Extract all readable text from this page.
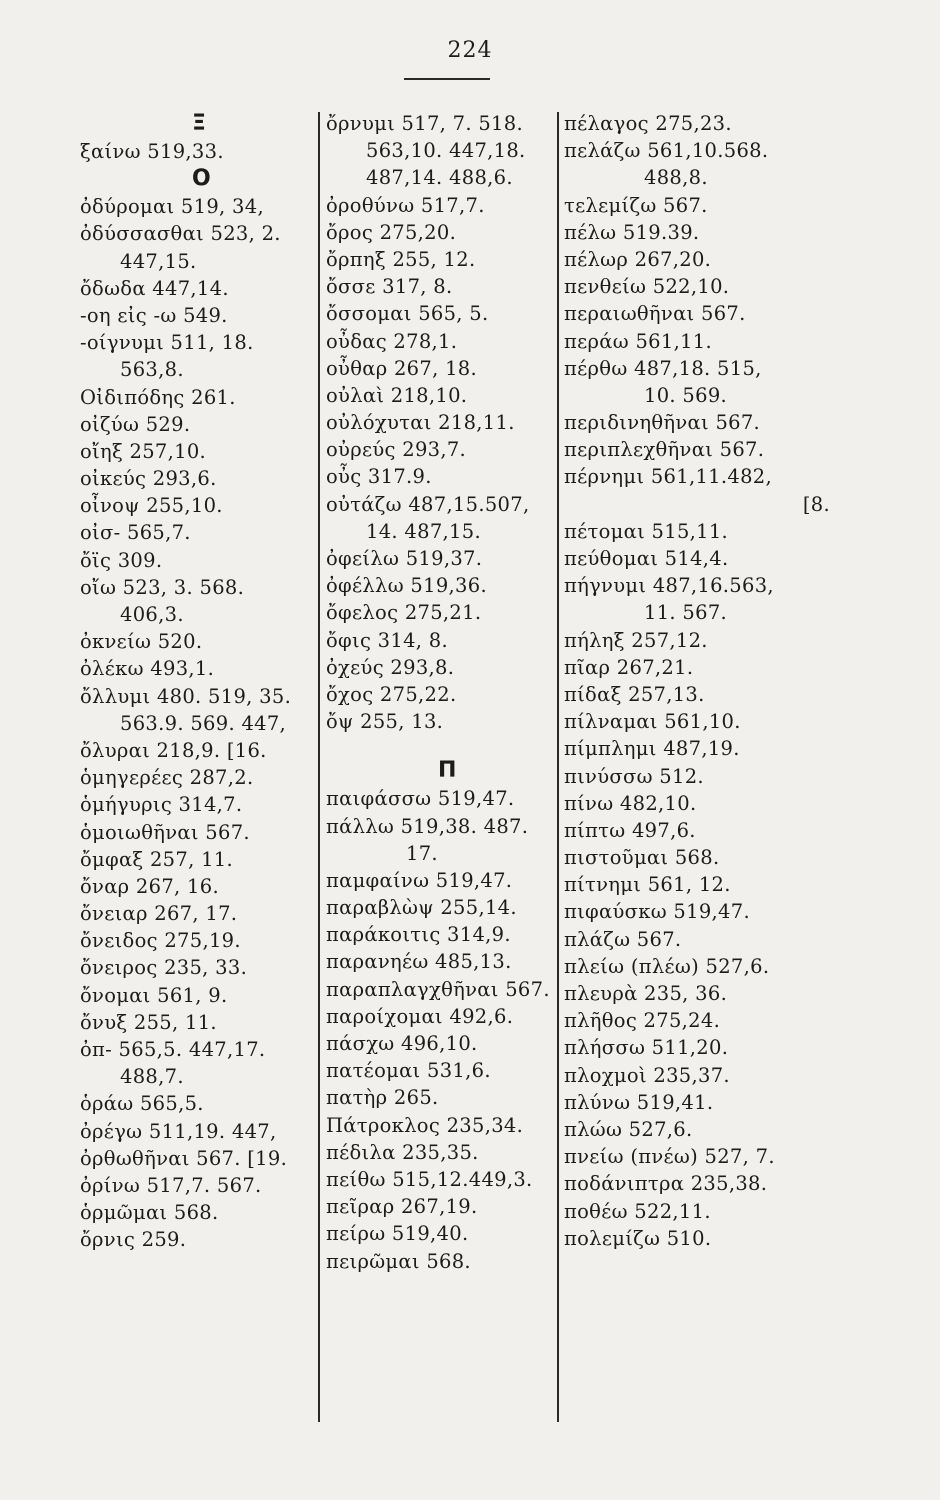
224
Ξ
ξαίνω 519,33.
Ο
ὀδύρομαι 519, 34,
ὀδύσσασθαι 523, 2.
447,15.
ὄδωδα 447,14.
-οη εἰς -ω 549.
-οίγνυμι 511, 18.
563,8.
Οἰδιπόδης 261.
οἰζύω 529.
οἴηξ 257,10.
οἰκεύς 293,6.
οἶνοψ 255,10.
οἰσ- 565,7.
ὄϊς 309.
οἴω 523, 3. 568.
406,3.
ὀκνείω 520.
ὀλέκω 493,1.
ὄλλυμι 480. 519, 35.
563.9. 569. 447,
ὄλυραι 218,9. [16.
ὁμηγερέες 287,2.
ὁμήγυρις 314,7.
ὁμοιωθῆναι 567.
ὄμφαξ 257, 11.
ὄναρ 267, 16.
ὄνειαρ 267, 17.
ὄνειδος 275,19.
ὄνειρος 235, 33.
ὄνομαι 561, 9.
ὄνυξ 255, 11.
ὀπ- 565,5. 447,17.
488,7.
ὁράω 565,5.
ὀρέγω 511,19. 447,
ὀρθωθῆναι 567. [19.
ὀρίνω 517,7. 567.
ὁρμῶμαι 568.
ὄρνις 259.
ὄρνυμι 517, 7. 518.
563,10. 447,18.
487,14. 488,6.
ὀροθύνω 517,7.
ὄρος 275,20.
ὄρπηξ 255, 12.
ὄσσε 317, 8.
ὄσσομαι 565, 5.
οὖδας 278,1.
οὖθαρ 267, 18.
οὐλαὶ 218,10.
οὐλόχυται 218,11.
οὐρεύς 293,7.
οὖς 317.9.
οὐτάζω 487,15.507,
14. 487,15.
ὀφείλω 519,37.
ὀφέλλω 519,36.
ὄφελος 275,21.
ὄφις 314, 8.
ὀχεύς 293,8.
ὄχος 275,22.
ὄψ 255, 13.
Π
παιφάσσω 519,47.
πάλλω 519,38. 487.
17.
παμφαίνω 519,47.
παραβλὼψ 255,14.
παράκοιτις 314,9.
παρανηέω 485,13.
παραπλαγχθῆναι 567.
παροίχομαι 492,6.
πάσχω 496,10.
πατέομαι 531,6.
πατὴρ 265.
Πάτροκλος 235,34.
πέδιλα 235,35.
πείθω 515,12.449,3.
πεῖραρ 267,19.
πείρω 519,40.
πειρῶμαι 568.
πέλαγος 275,23.
πελάζω 561,10.568.
488,8.
τελεμίζω 567.
πέλω 519.39.
πέλωρ 267,20.
πενθείω 522,10.
περαιωθῆναι 567.
περάω 561,11.
πέρθω 487,18. 515,
10. 569.
περιδινηθῆναι 567.
περιπλεχθῆναι 567.
πέρνημι 561,11.482,
[8.
πέτομαι 515,11.
πεύθομαι 514,4.
πήγνυμι 487,16.563,
11. 567.
πήληξ 257,12.
πῖαρ 267,21.
πίδαξ 257,13.
πίλναμαι 561,10.
πίμπλημι 487,19.
πινύσσω 512.
πίνω 482,10.
πίπτω 497,6.
πιστοῦμαι 568.
πίτνημι 561, 12.
πιφαύσκω 519,47.
πλάζω 567.
πλείω (πλέω) 527,6.
πλευρὰ 235, 36.
πλῆθος 275,24.
πλήσσω 511,20.
πλοχμοὶ 235,37.
πλύνω 519,41.
πλώω 527,6.
πνείω (πνέω) 527, 7.
ποδάνιπτρα 235,38.
ποθέω 522,11.
πολεμίζω 510.
